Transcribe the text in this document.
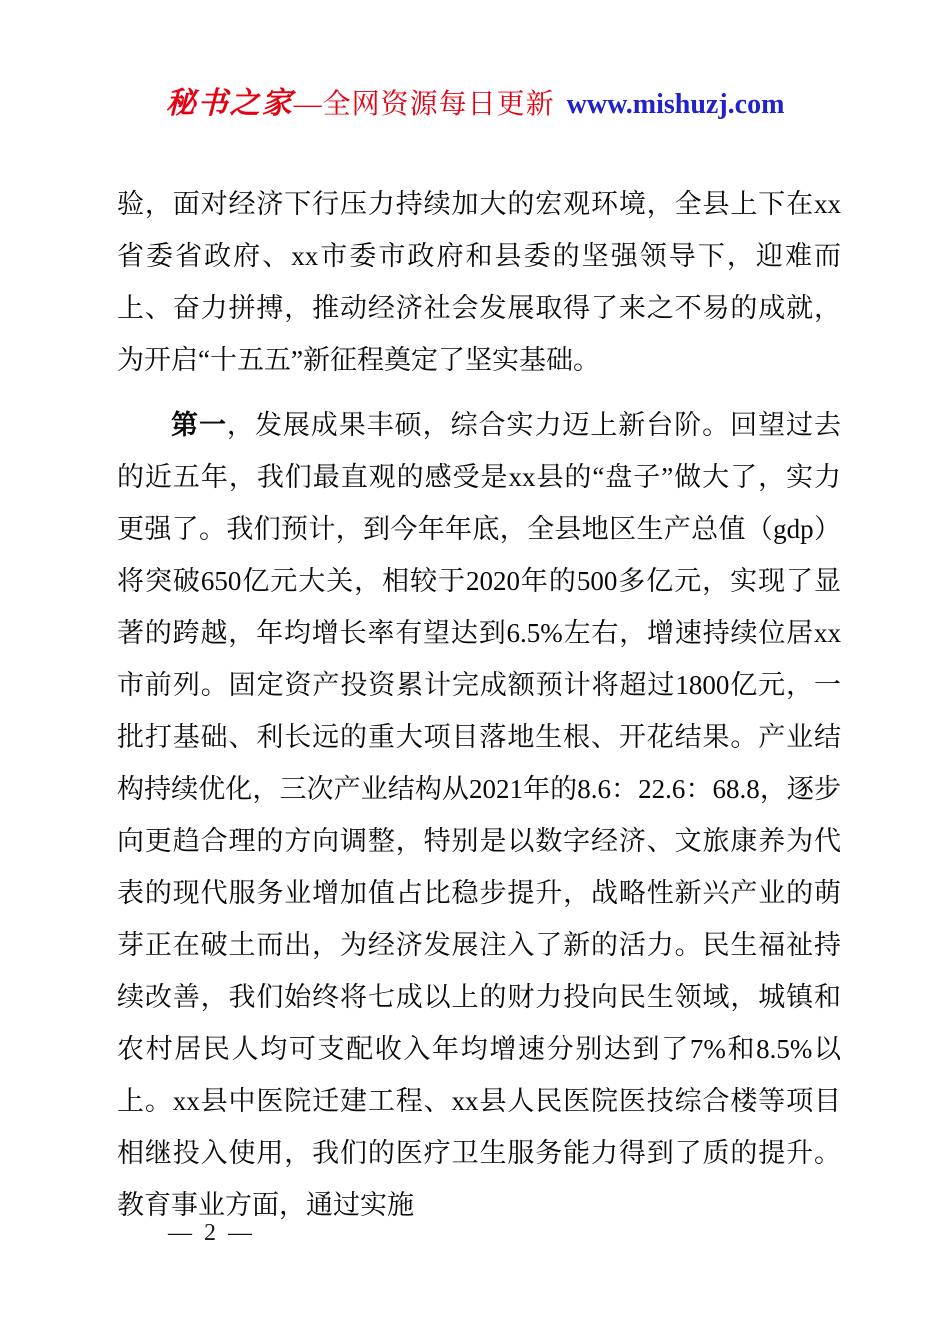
秘书之家—全网资源每日更新 www.mishuzj.com

验，面对经济下行压力持续加大的宏观环境，全县上下在xx省委省政府、xx市委市政府和县委的坚强领导下，迎难而上、奋力拼搏，推动经济社会发展取得了来之不易的成就，为开启“十五五”新征程奠定了坚实基础。

第一，发展成果丰硕，综合实力迈上新台阶。回望过去的近五年，我们最直观的感受是xx县的“盘子”做大了，实力更强了。我们预计，到今年年底，全县地区生产总值（gdp）将突破650亿元大关，相较于2020年的500多亿元，实现了显著的跨越，年均增长率有望达到6.5%左右，增速持续位居xx市前列。固定资产投资累计完成额预计将超过1800亿元，一批打基础、利长远的重大项目落地生根、开花结果。产业结构持续优化，三次产业结构从2021年的8.6：22.6：68.8，逐步向更趋合理的方向调整，特别是以数字经济、文旅康养为代表的现代服务业增加值占比稳步提升，战略性新兴产业的萌芽正在破土而出，为经济发展注入了新的活力。民生福祉持续改善，我们始终将七成以上的财力投向民生领域，城镇和农村居民人均可支配收入年均增速分别达到了7%和8.5%以上。xx县中医院迁建工程、xx县人民医院医技综合楼等项目相继投入使用，我们的医疗卫生服务能力得到了质的提升。教育事业方面，通过实施

— 2 —
